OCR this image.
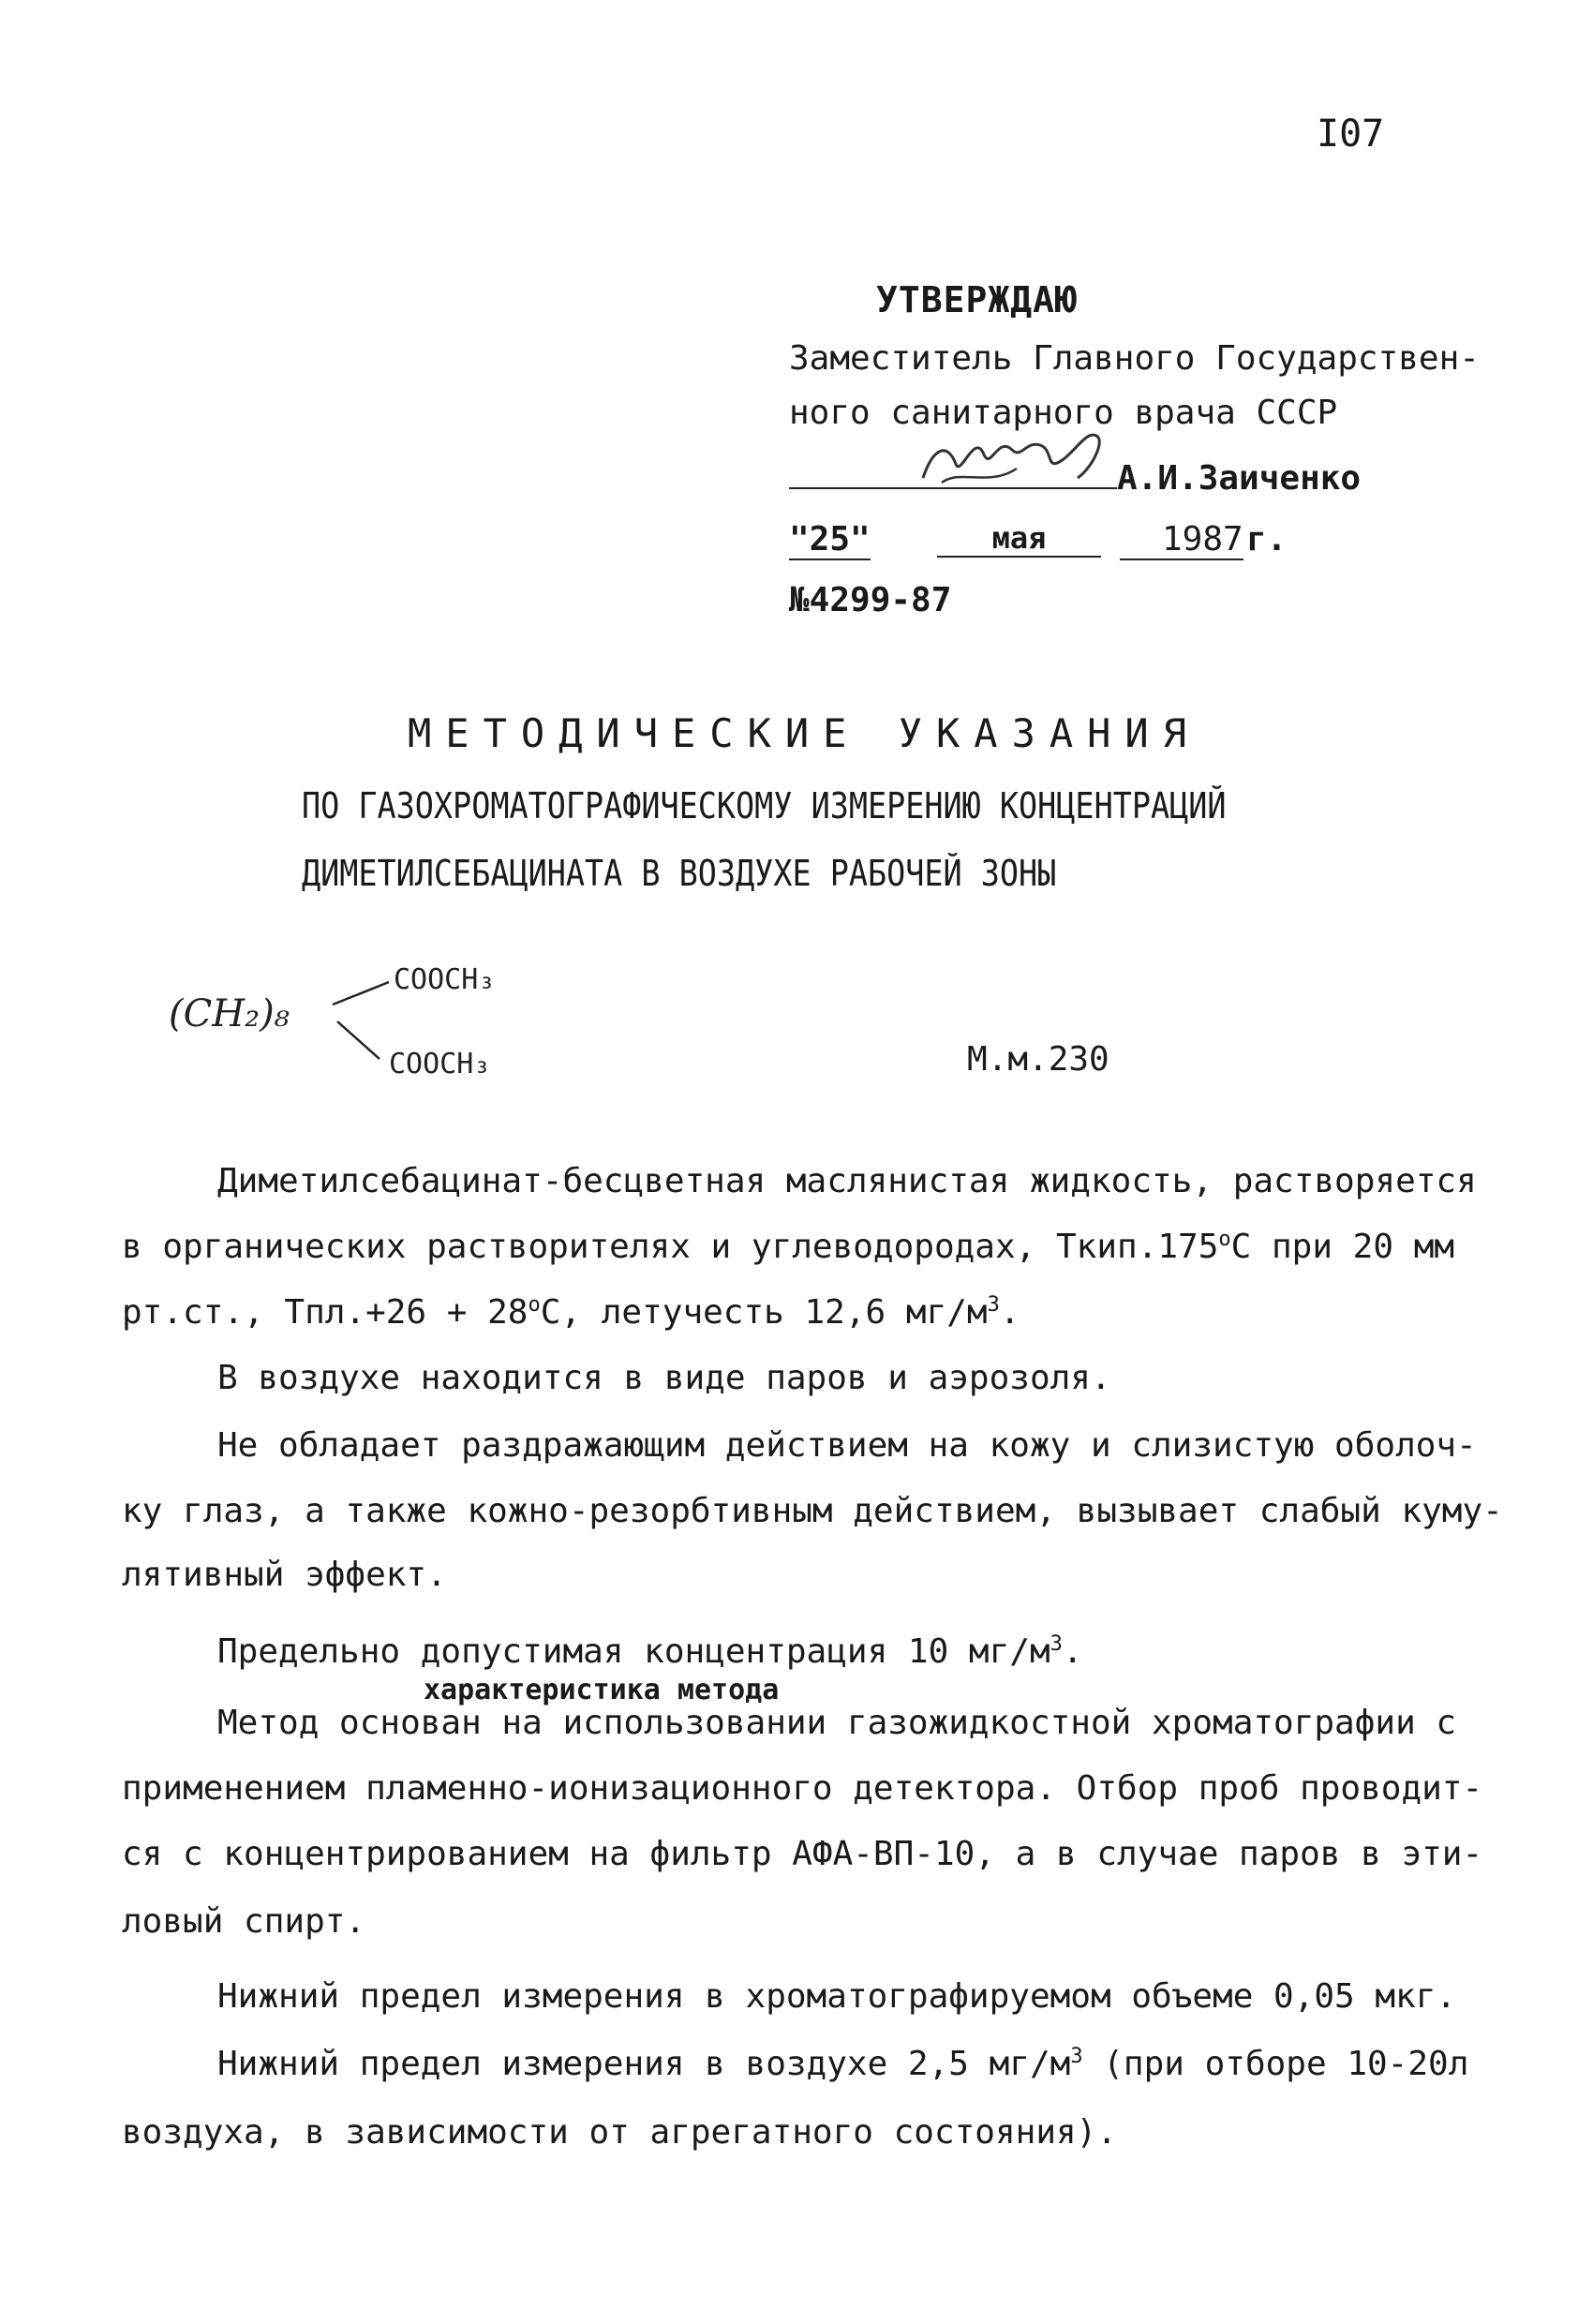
I07
УТВЕРЖДАЮ
Заместитель Главного Государствен-
ного санитарного врача СССР
А.И.Заиченко
"25"	мая	1987 г.
№4299-87
МЕТОДИЧЕСКИЕ УКАЗАНИЯ
ПО ГАЗОХРОМАТОГРАФИЧЕСКОМУ ИЗМЕРЕНИЮ КОНЦЕНТРАЦИЙ
ДИМЕТИЛСЕБАЦИНАТА В ВОЗДУХЕ РАБОЧЕЙ ЗОНЫ
(CH₂)₈
COOCH₃
COOCH₃	М.м.230
Диметилсебацинат-бесцветная маслянистая жидкость, растворяется
в органических растворителях и углеводородах, $Ткип.175^оС$ при 20 мм
рт.ст., $Тпл.+26 + 28^оС$, летучесть 12,6 $мг/м^3$.
В воздухе находится в виде паров и аэрозоля.
Не обладает раздражающим действием на кожу и слизистую оболоч-
ку глаз, а также кожно-резорбтивным действием, вызывает слабый куму-
лятивный эффект.
Предельно допустимая концентрация 10 $мг/м^3$.
характеристика метода
Метод основан на использовании газожидкостной хроматографии с
применением пламенно-ионизационного детектора. Отбор проб проводит-
ся с концентрированием на фильтр АФА-ВП-10, а в случае паров в эти-
ловый спирт.
Нижний предел измерения в хроматографируемом объеме 0,05 мкг.
Нижний предел измерения в воздухе 2,5 $мг/м^3$ (при отборе 10-20л
воздуха, в зависимости от агрегатного состояния).
